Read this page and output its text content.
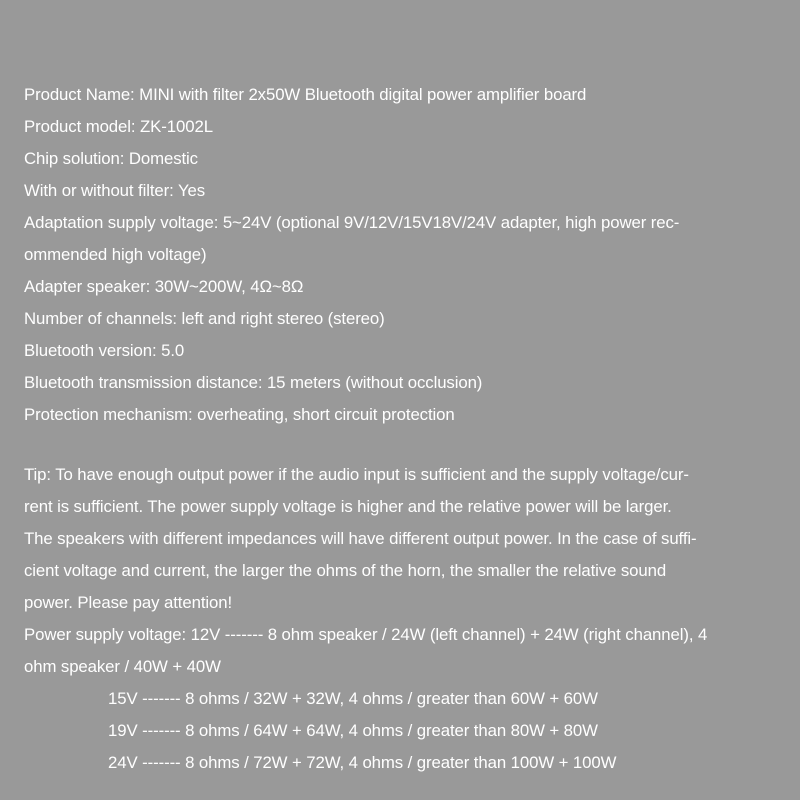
Product Name: MINI with filter 2x50W Bluetooth digital power amplifier board
Product model: ZK-1002L
Chip solution: Domestic
With or without filter: Yes
Adaptation supply voltage: 5~24V (optional 9V/12V/15V18V/24V adapter, high power rec-
ommended high voltage)
Adapter speaker: 30W~200W, 4Ω~8Ω
Number of channels: left and right stereo (stereo)
Bluetooth version: 5.0
Bluetooth transmission distance: 15 meters (without occlusion)
Protection mechanism: overheating, short circuit protection
Tip: To have enough output power if the audio input is sufficient and the supply voltage/cur-
rent is sufficient. The power supply voltage is higher and the relative power will be larger.
The speakers with different impedances will have different output power. In the case of suffi-
cient voltage and current, the larger the ohms of the horn, the smaller the relative sound
power. Please pay attention!
Power supply voltage: 12V ------- 8 ohm speaker / 24W (left channel) + 24W (right channel), 4
ohm speaker / 40W + 40W
15V ------- 8 ohms / 32W + 32W, 4 ohms / greater than 60W + 60W
19V ------- 8 ohms / 64W + 64W, 4 ohms / greater than 80W + 80W
24V ------- 8 ohms / 72W + 72W, 4 ohms / greater than 100W + 100W
